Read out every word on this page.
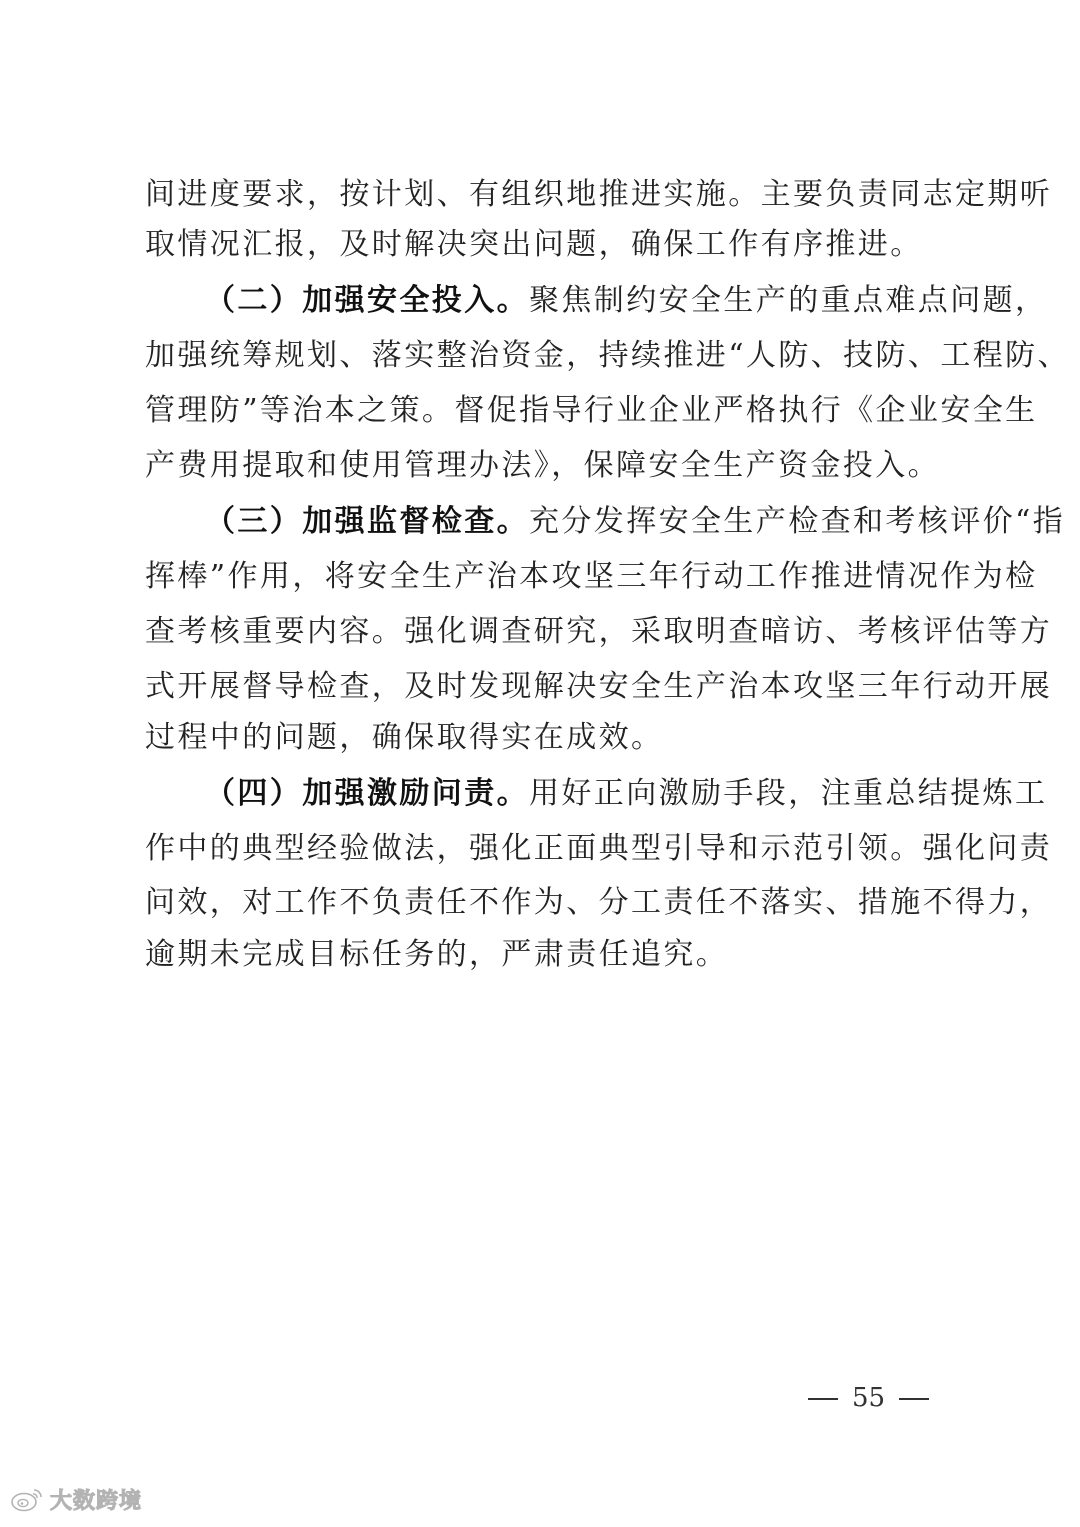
间进度要求，按计划、有组织地推进实施。主要负责同志定期听
取情况汇报，及时解决突出问题，确保工作有序推进。
（二）加强安全投入。聚焦制约安全生产的重点难点问题，
加强统筹规划、落实整治资金，持续推进“人防、技防、工程防、
管理防”等治本之策。督促指导行业企业严格执行《企业安全生
产费用提取和使用管理办法》，保障安全生产资金投入。
（三）加强监督检查。充分发挥安全生产检查和考核评价“指
挥棒”作用，将安全生产治本攻坚三年行动工作推进情况作为检
查考核重要内容。强化调查研究，采取明查暗访、考核评估等方
式开展督导检查，及时发现解决安全生产治本攻坚三年行动开展
过程中的问题，确保取得实在成效。
（四）加强激励问责。用好正向激励手段，注重总结提炼工
作中的典型经验做法，强化正面典型引导和示范引领。强化问责
问效，对工作不负责任不作为、分工责任不落实、措施不得力，
逾期未完成目标任务的，严肃责任追究。
55
大数跨境
